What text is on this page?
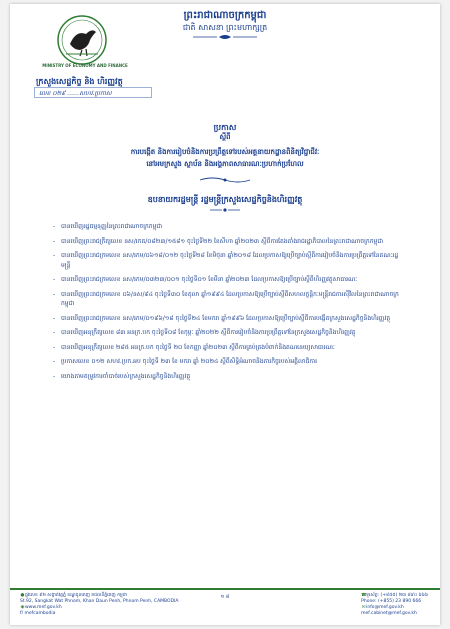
ព្រះរាជាណាចក្រកម្ពុជា
ជាតិ សាសនា ព្រះមហាក្សត្រ
MINISTRY OF ECONOMY AND FINANCE
ក្រសួងសេដ្ឋកិច្ច និង ហិរញ្ញវត្ថុ
លេខ ០២៩ ……សហវ.ប្រកាស
ប្រកាស
ស្ដីពី
ការបង្កើត និងការរៀបចំនិងការប្រព្រឹត្តទៅរបស់អគ្គនាយកដ្ឋានពិនិត្យវិជ្ជាជីវៈ
នៅអមក្រសួង ស្ថាប័ន និងអង្គភាពសាធារណៈប្រហាក់ប្រហែល
ឧបនាយករដ្ឋមន្ត្រី រដ្ឋមន្ត្រីក្រសួងសេដ្ឋកិច្ចនិងហិរញ្ញវត្ថុ
- បានឃើញរដ្ឋធម្មនុញ្ញនៃព្រះរាជាណាចក្រកម្ពុជា
- បានឃើញព្រះរាជក្រឹត្យលេខ នស/រកត/០៨២៣/១៥៨១ ចុះថ្ងៃទី២២ ខែសីហា ឆ្នាំ២០២៣ ស្តីពីការតែងតាំងរាជរដ្ឋាភិបាលនៃព្រះរាជាណាចក្រកម្ពុជា
- បានឃើញព្រះរាជក្រមលេខ នស/រកម/០៦១៨/០១២ ចុះថ្ងៃទី២៨ ខែមិថុនា ឆ្នាំ២០១៨ ដែលប្រកាសឱ្យប្រើច្បាប់ស្តីពីការរៀបចំនិងការប្រព្រឹត្តទៅនៃគណៈរដ្ឋមន្ត្រី
- បានឃើញព្រះរាជក្រមលេខ នស/រកម/០៣២៣/០០១ ចុះថ្ងៃទី០១ ខែមីនា ឆ្នាំ២០២៣ ដែលប្រកាសឱ្យប្រើច្បាប់ស្តីពីហិរញ្ញវត្ថុសាធារណៈ
- បានឃើញព្រះរាជក្រមលេខ ០៦/នស/៩៤ ចុះថ្ងៃទី៣០ ខែតុលា ឆ្នាំ១៩៩៤ ដែលប្រកាសឱ្យប្រើច្បាប់ស្តីពីសហលក្ខន្តិកៈមន្ត្រីរាជការស៊ីវិលនៃព្រះរាជាណាចក្រកម្ពុជា
- បានឃើញព្រះរាជក្រមលេខ នស/រកម/០១៩៦/១៨ ចុះថ្ងៃទី២៤ ខែមករា ឆ្នាំ១៩៩៦ ដែលប្រកាសឱ្យប្រើច្បាប់ស្តីពីការបង្កើតក្រសួងសេដ្ឋកិច្ចនិងហិរញ្ញវត្ថុ
- បានឃើញអនុក្រឹត្យលេខ ៨៣ អនក្រ.បក ចុះថ្ងៃទី០៨ ខែកុម្ភៈ ឆ្នាំ២០២២ ស្តីពីការរៀបចំនិងការប្រព្រឹត្តទៅនៃក្រសួងសេដ្ឋកិច្ចនិងហិរញ្ញវត្ថុ
- បានឃើញអនុក្រឹត្យលេខ ២៨៥ អនក្រ.បក ចុះថ្ងៃទី ២០ ខែកញ្ញា ឆ្នាំ២០២៣ ស្តីពីការគ្រប់គ្រងបំពាក់និងគណនេយ្យសាធារណៈ
- ប្រកាសលេខ ០១២ សហវ.ប្រក.អប ចុះថ្ងៃទី ២៣ ខែ មករា ឆ្នាំ ២០២៤ ស្តីពីសិទ្ធិអំណាចនិងភារកិច្ចរបស់អគ្គិលាធិការ
- យោងតាមតម្រូវការចាំបាច់របស់ក្រសួងសេដ្ឋកិច្ចនិងហិរញ្ញវត្ថុ
●ផ្លូវលេខ ៩២ សង្កាត់វត្តភ្នំ ខណ្ឌដូនពេញ រាជធានីភ្នំពេញ កម្ពុជា
St.92, Sangkat Wat Phnom, Khan Daun Penh, Phnom Penh, CAMBODIA
◉www.mef.gov.kh
f/ mefcambodia
១ ៨	☎ទូរស័ព្ទ: (+៨៥៥) ២៣ ៨៩០ ៦៦៦
Phone: (+855) 23 890 666
✉info@mef.gov.kh
mef.cabinet@mef.gov.kh
